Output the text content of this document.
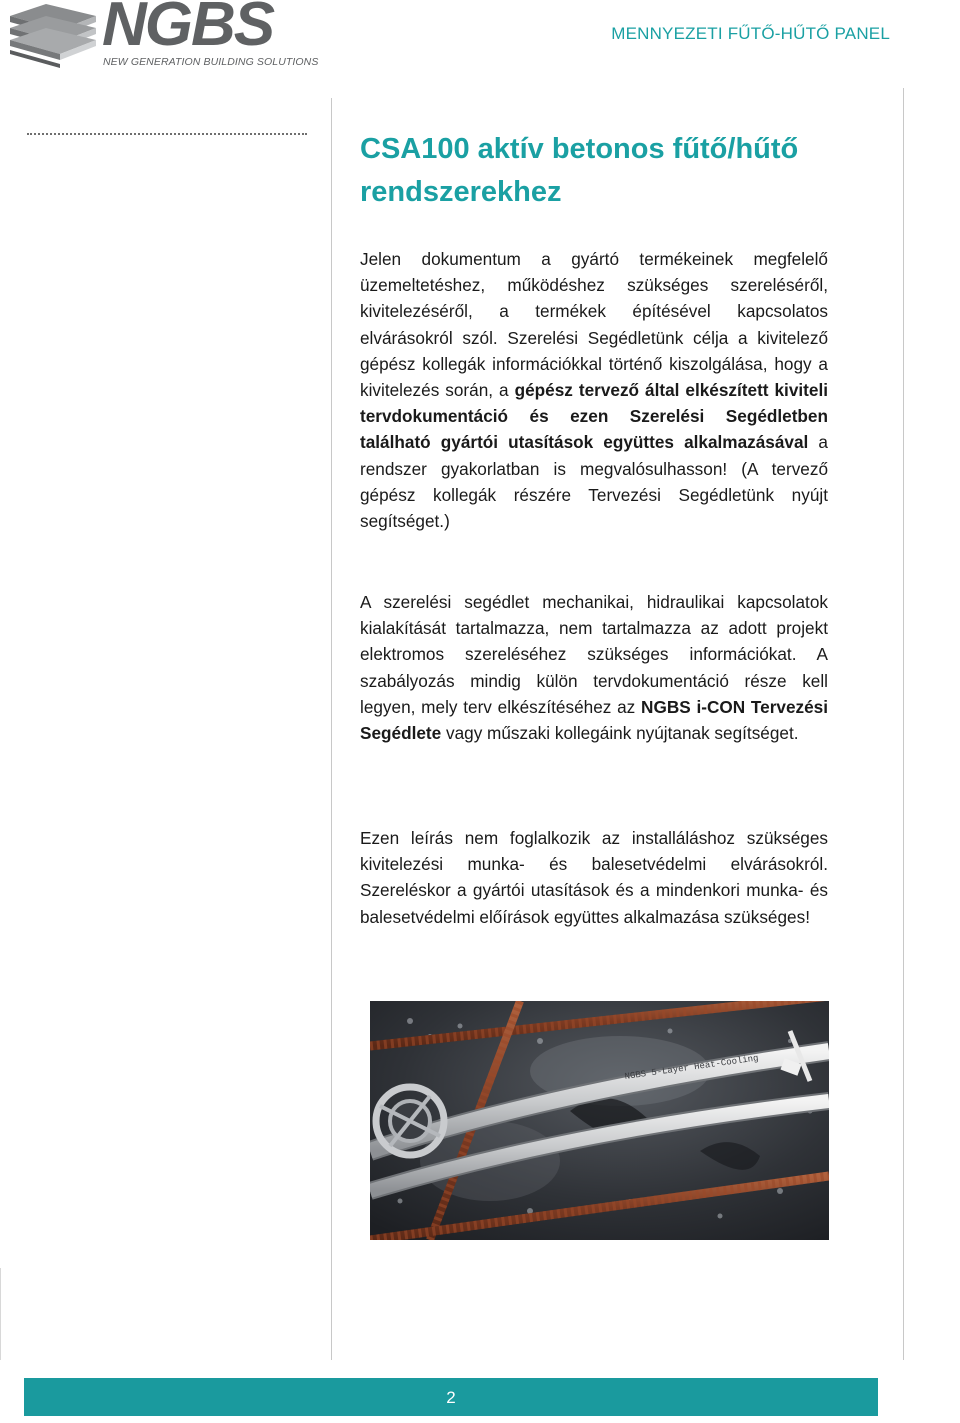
NGBS
NEW GENERATION BUILDING SOLUTIONS
MENNYEZETI FŰTŐ-HŰTŐ PANEL
CSA100 aktív betonos fűtő/hűtő rendszerekhez

Jelen dokumentum a gyártó termékeinek megfelelő üzemeltetéshez, működéshez szükséges szereléséről, kivitelezéséről, a termékek építésével kapcsolatos elvárásokról szól. Szerelési Segédletünk célja a kivitelező gépész kollegák információkkal történő kiszolgálása, hogy a kivitelezés során, a gépész tervező által elkészített kiviteli tervdokumentáció és ezen Szerelési Segédletben található gyártói utasítások együttes alkalmazásával a rendszer gyakorlatban is megvalósulhasson! (A tervező gépész kollegák részére Tervezési Segédletünk nyújt segítséget.)

A szerelési segédlet mechanikai, hidraulikai kapcsolatok kialakítását tartalmazza, nem tartalmazza az adott projekt elektromos szereléséhez szükséges információkat. A szabályozás mindig külön tervdokumentáció része kell legyen, mely terv elkészítéséhez az NGBS i-CON Tervezési Segédlete vagy műszaki kollegáink nyújtanak segítséget.

Ezen leírás nem foglalkozik az installáláshoz szükséges kivitelezési munka- és balesetvédelmi elvárásokról. Szereléskor a gyártói utasítások és a mindenkori munka- és balesetvédelmi előírások együttes alkalmazása szükséges!

NGBS 5-Layer Heat-Cooling
2
